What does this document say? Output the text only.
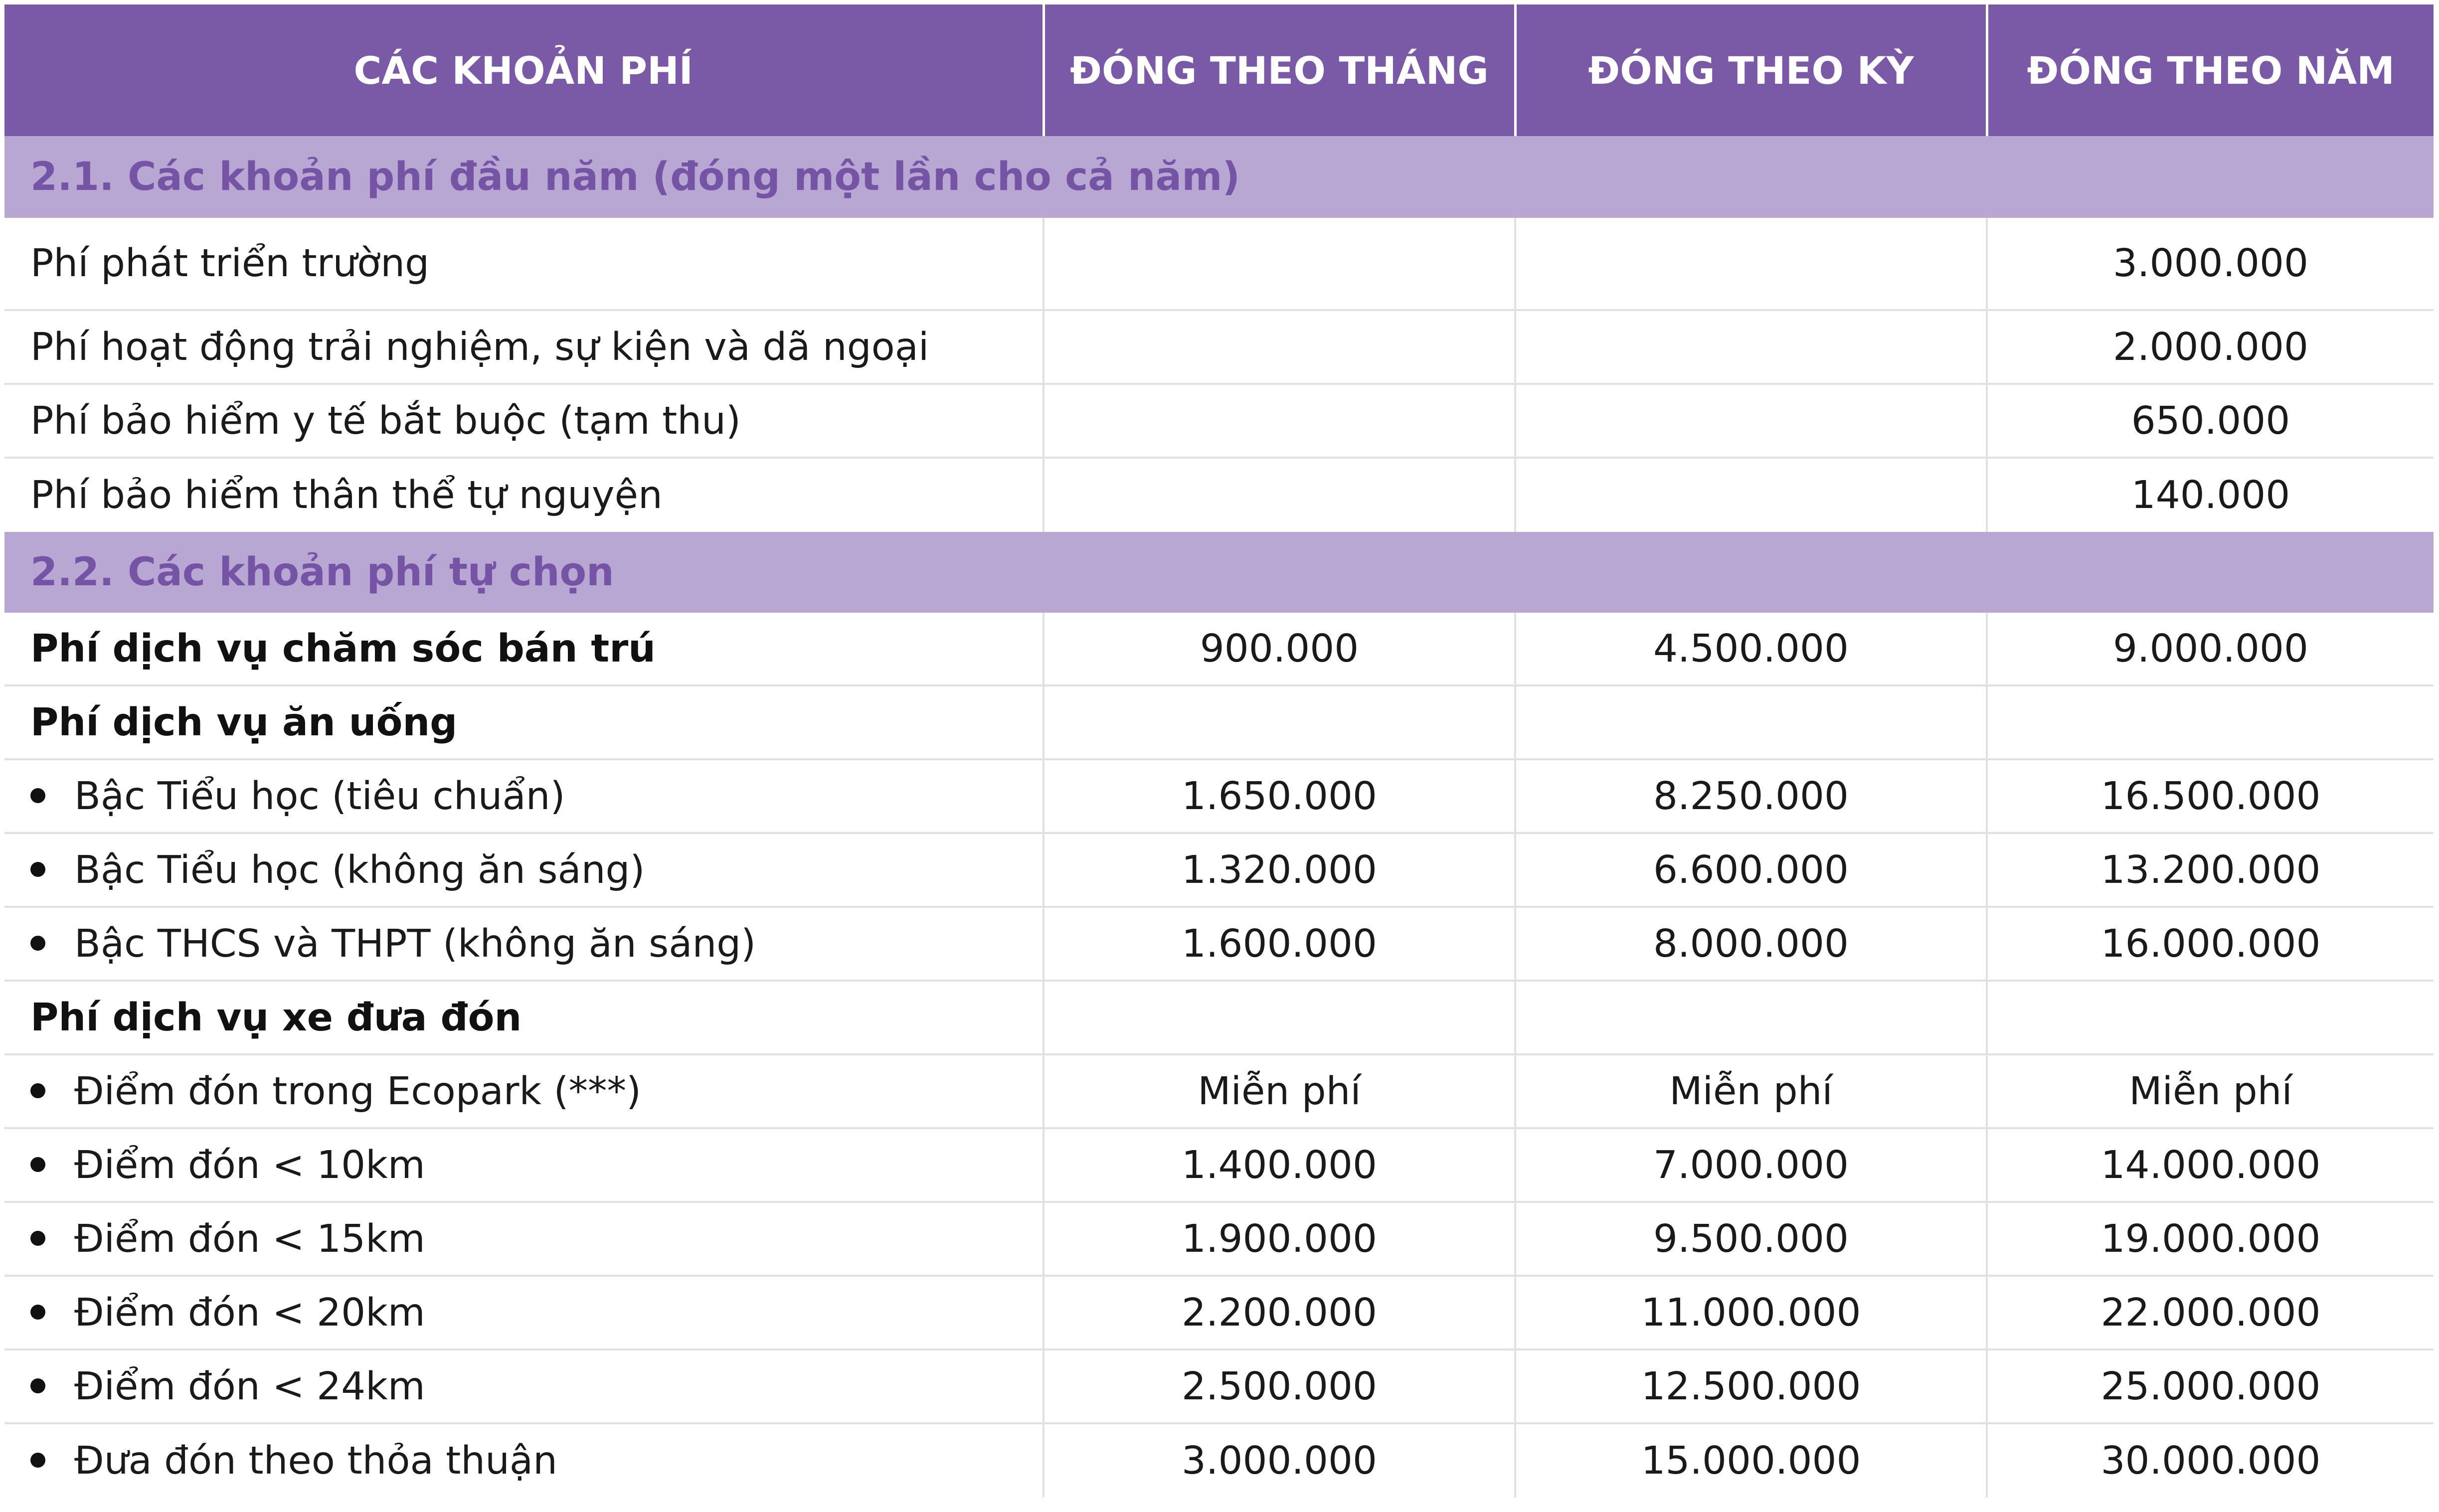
CÁC KHOẢN PHÍ	ĐÓNG THEO THÁNG	ĐÓNG THEO KỲ	ĐÓNG THEO NĂM
2.1. Các khoản phí đầu năm (đóng một lần cho cả năm)			
Phí phát triển trường			3.000.000
Phí hoạt động trải nghiệm, sự kiện và dã ngoại			2.000.000
Phí bảo hiểm y tế bắt buộc (tạm thu)			650.000
Phí bảo hiểm thân thể tự nguyện			140.000
2.2. Các khoản phí tự chọn			
Phí dịch vụ chăm sóc bán trú	900.000	4.500.000	9.000.000
Phí dịch vụ ăn uống			
Bậc Tiểu học (tiêu chuẩn)	1.650.000	8.250.000	16.500.000
Bậc Tiểu học (không ăn sáng)	1.320.000	6.600.000	13.200.000
Bậc THCS và THPT (không ăn sáng)	1.600.000	8.000.000	16.000.000
Phí dịch vụ xe đưa đón			
Điểm đón trong Ecopark (***)	Miễn phí	Miễn phí	Miễn phí
Điểm đón < 10km	1.400.000	7.000.000	14.000.000
Điểm đón < 15km	1.900.000	9.500.000	19.000.000
Điểm đón < 20km	2.200.000	11.000.000	22.000.000
Điểm đón < 24km	2.500.000	12.500.000	25.000.000
Đưa đón theo thỏa thuận	3.000.000	15.000.000	30.000.000
